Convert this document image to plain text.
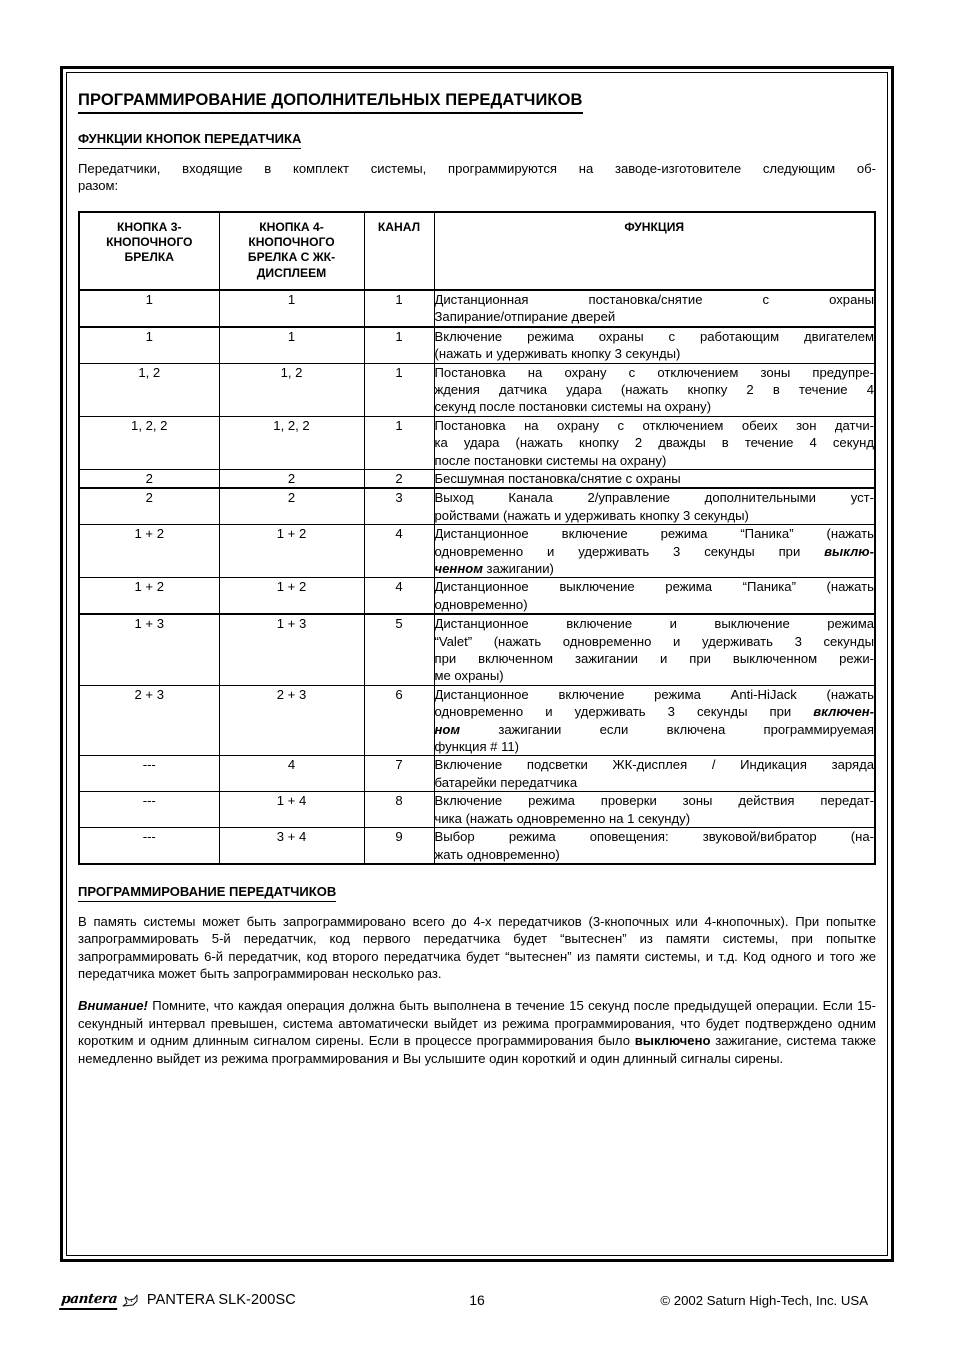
ПРОГРАММИРОВАНИЕ ДОПОЛНИТЕЛЬНЫХ ПЕРЕДАТЧИКОВ
ФУНКЦИИ КНОПОК ПЕРЕДАТЧИКА

Передатчики, входящие в комплект системы, программируются на заводе-изготовителе следующим об-
разом:

КНОПКА 3- КНОПОЧНОГО БРЕЛКА	КНОПКА 4-КНОПОЧНОГО БРЕЛКА С ЖК- ДИСПЛЕЕМ	КАНАЛ	ФУНКЦИЯ
1	1	1	Дистанционная постановка/снятие с охраны
Запирание/отпирание дверей

1	1	1	Включение режима охраны с работающим двигателем
(нажать и удерживать кнопку 3 секунды)

1, 2	1, 2	1	Постановка на охрану с отключением зоны предупре-
ждения датчика удара (нажать кнопку 2 в течение 4
секунд после постановки системы на охрану)

1, 2, 2	1, 2, 2	1	Постановка на охрану с отключением обеих зон датчи-
ка удара (нажать кнопку 2 дважды в течение 4 секунд
после постановки системы на охрану)

2	2	2	Бесшумная постановка/снятие с охраны

2	2	3	Выход Канала 2/управление дополнительными уст-
ройствами (нажать и удерживать кнопку 3 секунды)

1 + 2	1 + 2	4	Дистанционное включение режима “Паника” (нажать
одновременно и удерживать 3 секунды при выклю-
ченном зажигании)

1 + 2	1 + 2	4	Дистанционное выключение режима “Паника” (нажать
одновременно)

1 + 3	1 + 3	5	Дистанционное включение и выключение режима
“Valet” (нажать одновременно и удерживать 3 секунды
при включенном зажигании и при выключенном режи-
ме охраны)

2 + 3	2 + 3	6	Дистанционное включение режима Anti-HiJack (нажать
одновременно и удерживать 3 секунды при включен-
ном зажигании если включена программируемая
функция # 11)

---	4	7	Включение подсветки ЖК-дисплея / Индикация заряда
батарейки передатчика

---	1 + 4	8	Включение режима проверки зоны действия передат-
чика (нажать одновременно на 1 секунду)

---	3 + 4	9	Выбор режима оповещения: звуковой/вибратор (на-
жать одновременно)
ПРОГРАММИРОВАНИЕ ПЕРЕДАТЧИКОВ

В память системы может быть запрограммировано всего до 4-х передатчиков (3-кнопочных или 4-кнопочных). При попытке запрограммировать 5-й передатчик, код первого передатчика будет “вытеснен” из памяти системы, при попытке запрограммировать 6-й передатчик, код второго передатчика будет “вытеснен” из памяти системы, и т.д. Код одного и того же передатчика может быть запрограммирован несколько раз.

Внимание! Помните, что каждая операция должна быть выполнена в течение 15 секунд после предыдущей операции. Если 15-секундный интервал превышен, система автоматически выйдет из режима программирования, что будет подтверждено одним коротким и одним длинным сигналом сирены. Если в процессе программирования было выключено зажигание, система также немедленно выйдет из режима программирования и Вы услышите один короткий и один длинный сигналы сирены.

pantera PANTERA SLK-200SC	16	© 2002 Saturn High-Tech, Inc. USA
